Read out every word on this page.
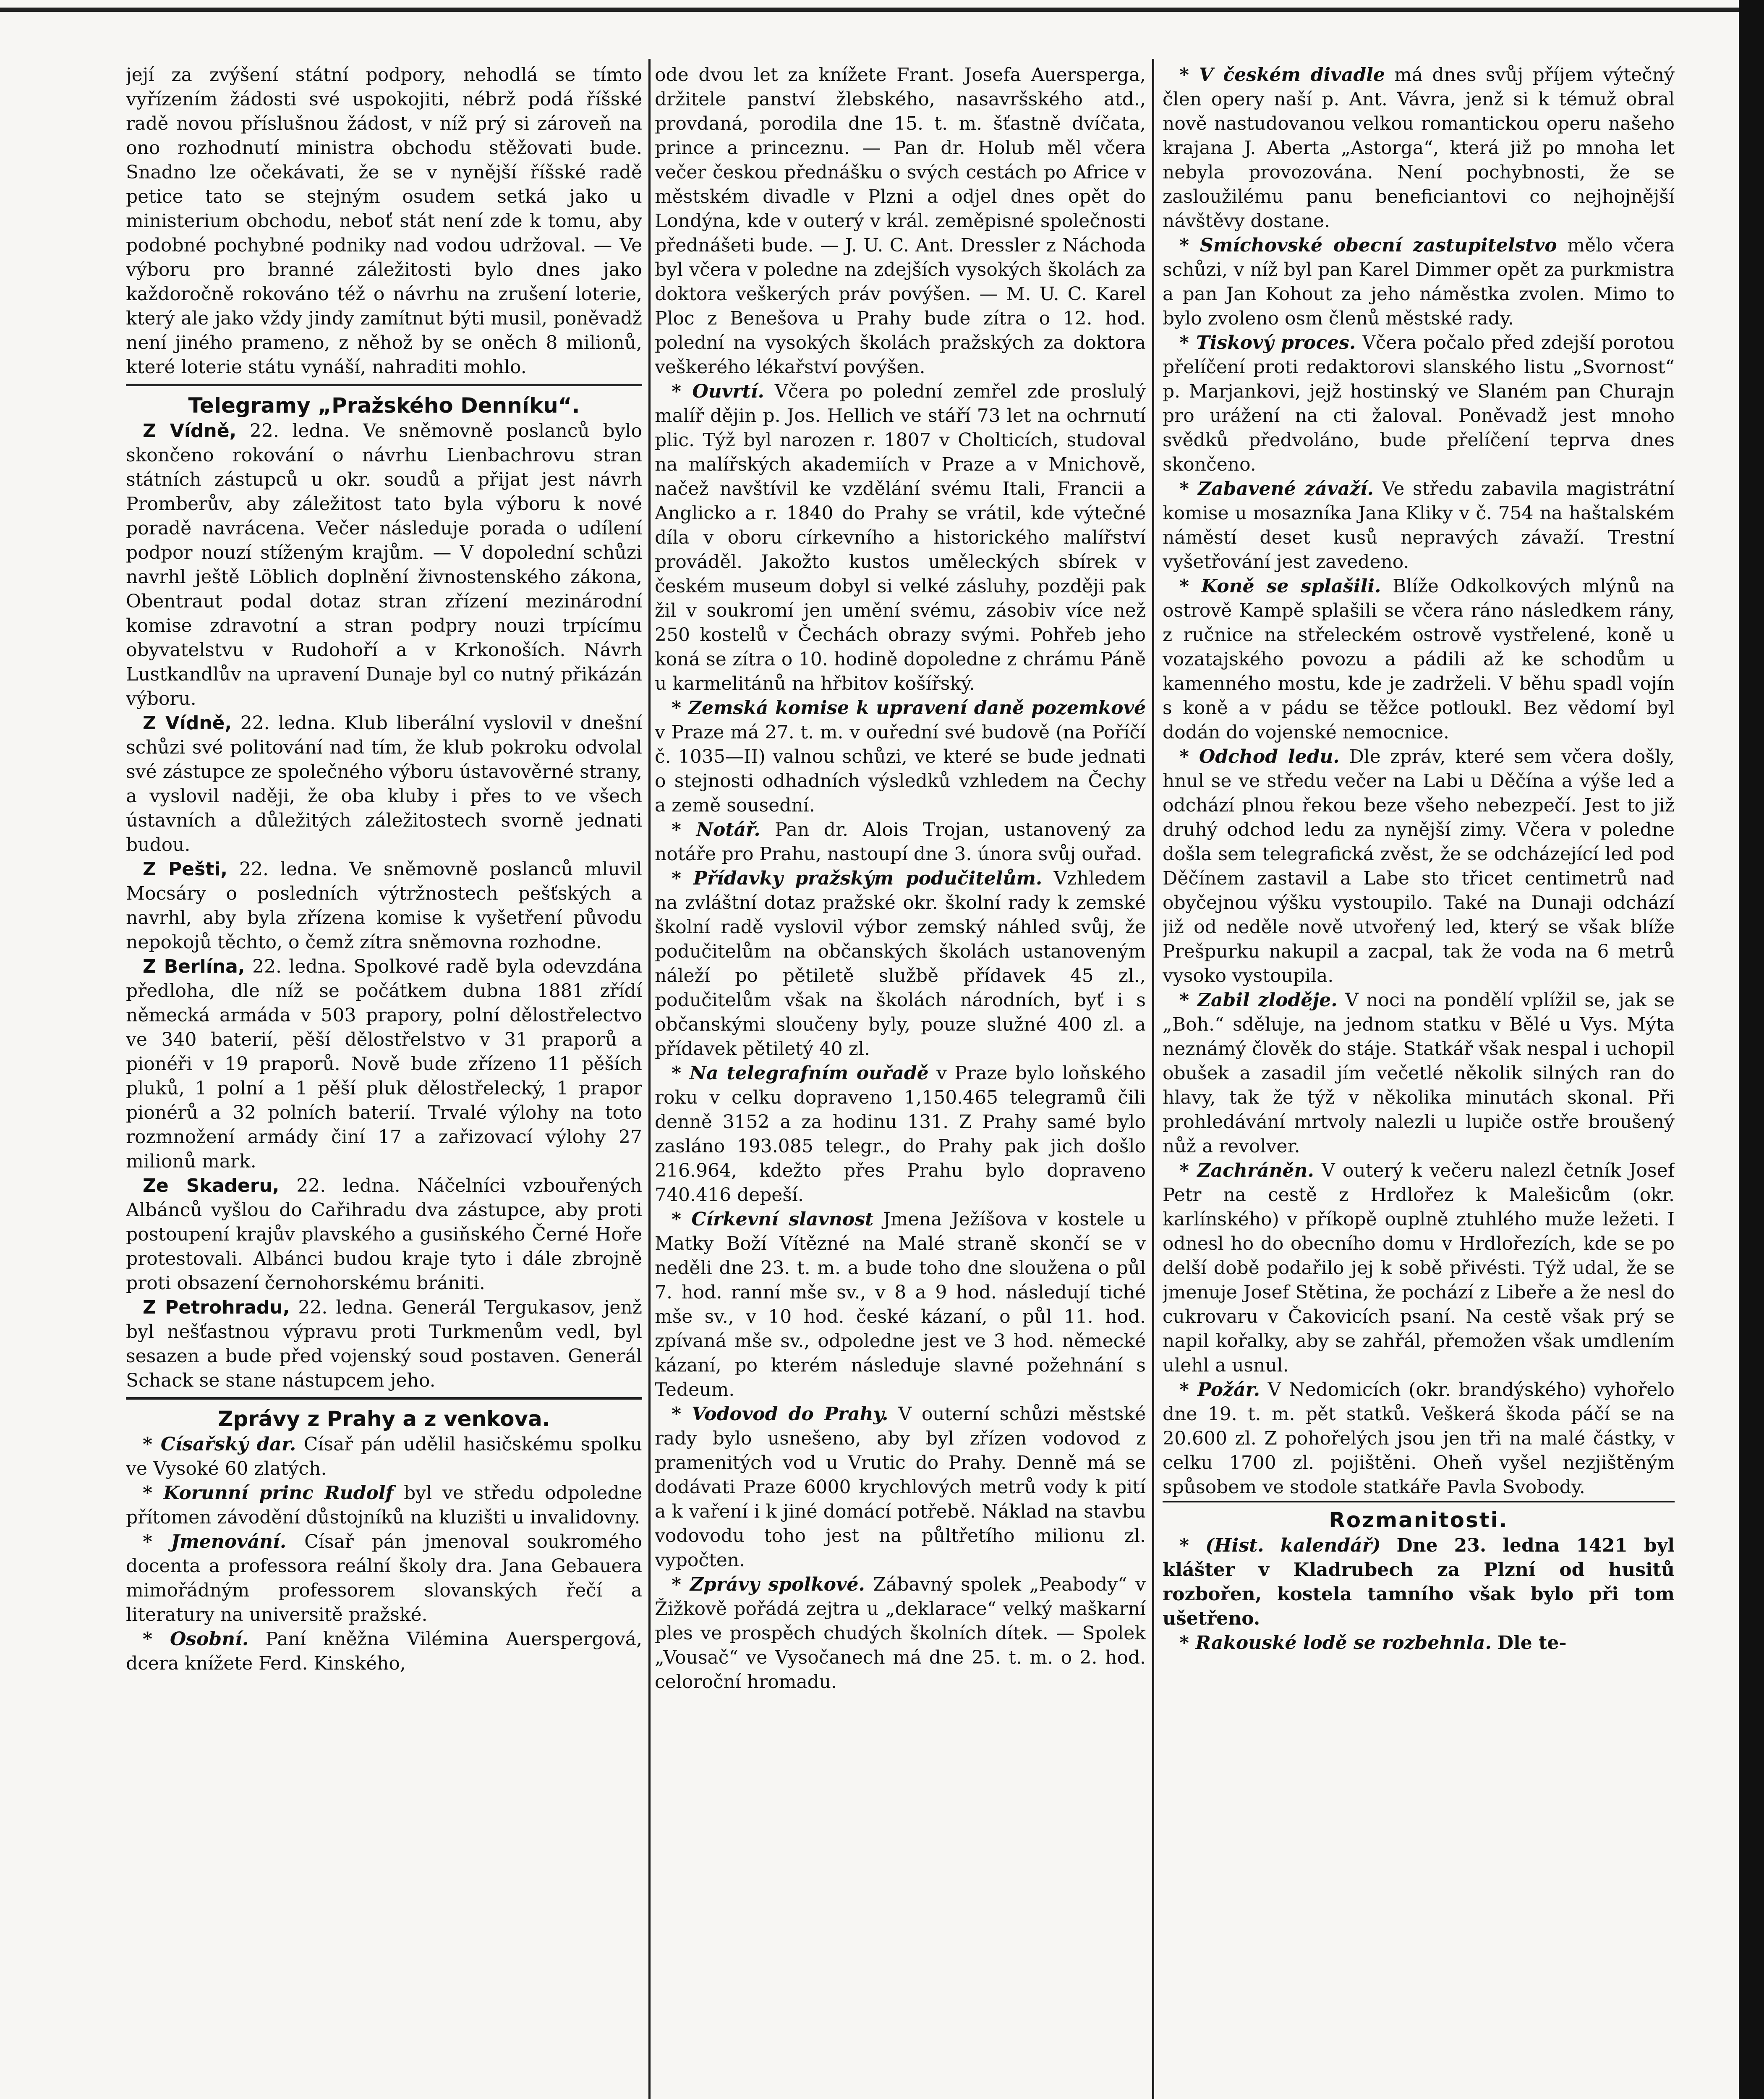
její za zvýšení státní podpory, nehodlá se tímto vyřízením žádosti své uspokojiti, nébrž podá říšské radě novou příslušnou žádost, v níž prý si zároveň na ono rozhodnutí ministra obchodu stěžovati bude. Snadno lze očekávati, že se v nynější říšské radě petice tato se stejným osudem setká jako u ministerium obchodu, neboť stát není zde k tomu, aby podobné pochybné podniky nad vodou udržoval. — Ve výboru pro branné záležitosti bylo dnes jako každoročně rokováno též o návrhu na zrušení loterie, který ale jako vždy jindy zamítnut býti musil, poněvadž není jiného prameno, z něhož by se oněch 8 milionů, které loterie státu vynáší, nahraditi mohlo.

Telegramy „Pražského Denníku“.

Z Vídně, 22. ledna. Ve sněmovně poslanců bylo skončeno rokování o návrhu Lienbachrovu stran státních zástupců u okr. soudů a přijat jest návrh Promberův, aby záležitost tato byla výboru k nové poradě navrácena. Večer následuje porada o udílení podpor nouzí stíženým krajům. — V dopolední schůzi navrhl ještě Löblich doplnění živnostenského zákona, Obentraut podal dotaz stran zřízení mezinárodní komise zdravotní a stran podpry nouzi trpícímu obyvatelstvu v Rudohoří a v Krkonoších. Návrh Lustkandlův na upravení Dunaje byl co nutný přikázán výboru.

Z Vídně, 22. ledna. Klub liberální vyslovil v dnešní schůzi své politování nad tím, že klub pokroku odvolal své zástupce ze společného výboru ústavověrné strany, a vyslovil naději, že oba kluby i přes to ve všech ústavních a důležitých záležitostech svorně jednati budou.

Z Pešti, 22. ledna. Ve sněmovně poslanců mluvil Mocsáry o posledních výtržnostech pešťských a navrhl, aby byla zřízena komise k vyšetření původu nepokojů těchto, o čemž zítra sněmovna rozhodne.

Z Berlína, 22. ledna. Spolkové radě byla odevzdána předloha, dle níž se počátkem dubna 1881 zřídí německá armáda v 503 prapory, polní dělostřelectvo ve 340 baterií, pěší dělostřelstvo v 31 praporů a pionéři v 19 praporů. Nově bude zřízeno 11 pěších pluků, 1 polní a 1 pěší pluk dělostřelecký, 1 prapor pionérů a 32 polních baterií. Trvalé výlohy na toto rozmnožení armády činí 17 a zařizovací výlohy 27 milionů mark.

Ze Skaderu, 22. ledna. Náčelníci vzbouřených Albánců vyšlou do Cařihradu dva zástupce, aby proti postoupení krajův plavského a gusiňského Černé Hoře protestovali. Albánci budou kraje tyto i dále zbrojně proti obsazení černohorskému brániti.

Z Petrohradu, 22. ledna. Generál Tergukasov, jenž byl nešťastnou výpravu proti Turkmenům vedl, byl sesazen a bude před vojenský soud postaven. Generál Schack se stane nástupcem jeho.

Zprávy z Prahy a z venkova.

* Císařský dar. Císař pán udělil hasičskému spolku ve Vysoké 60 zlatých.

* Korunní princ Rudolf byl ve středu odpoledne přítomen závodění důstojníků na kluzišti u invalidovny.

* Jmenování. Císař pán jmenoval soukromého docenta a professora reální školy dra. Jana Gebauera mimořádným professorem slovanských řečí a literatury na universitě pražské.

* Osobní. Paní kněžna Vilémina Auerspergová, dcera knížete Ferd. Kinského,

ode dvou let za knížete Frant. Josefa Auersperga, držitele panství žlebského, nasavršského atd., provdaná, porodila dne 15. t. m. šťastně dvíčata, prince a princeznu. — Pan dr. Holub měl včera večer českou přednášku o svých cestách po Africe v městském divadle v Plzni a odjel dnes opět do Londýna, kde v outerý v král. zeměpisné společnosti přednášeti bude. — J. U. C. Ant. Dressler z Náchoda byl včera v poledne na zdejších vysokých školách za doktora veškerých práv povýšen. — M. U. C. Karel Ploc z Benešova u Prahy bude zítra o 12. hod. polední na vysokých školách pražských za doktora veškerého lékařství povýšen.

* Ouvrtí. Včera po polední zemřel zde proslulý malíř dějin p. Jos. Hellich ve stáří 73 let na ochrnutí plic. Týž byl narozen r. 1807 v Cholticích, studoval na malířských akademiích v Praze a v Mnichově, načež navštívil ke vzdělání svému Itali, Francii a Anglicko a r. 1840 do Prahy se vrátil, kde výtečné díla v oboru církevního a historického malířství prováděl. Jakožto kustos uměleckých sbírek v českém museum dobyl si velké zásluhy, později pak žil v soukromí jen umění svému, zásobiv více než 250 kostelů v Čechách obrazy svými. Pohřeb jeho koná se zítra o 10. hodině dopoledne z chrámu Páně u karmelitánů na hřbitov košířský.

* Zemská komise k upravení daně pozemkové v Praze má 27. t. m. v ouřední své budově (na Poříčí č. 1035—II) valnou schůzi, ve které se bude jednati o stejnosti odhadních výsledků vzhledem na Čechy a země sousední.

* Notář. Pan dr. Alois Trojan, ustanovený za notáře pro Prahu, nastoupí dne 3. února svůj ouřad.

* Přídavky pražským podučitelům. Vzhledem na zvláštní dotaz pražské okr. školní rady k zemské školní radě vyslovil výbor zemský náhled svůj, že podučitelům na občanských školách ustanoveným náleží po pětiletě službě přídavek 45 zl., podučitelům však na školách národních, byť i s občanskými sloučeny byly, pouze služné 400 zl. a přídavek pětiletý 40 zl.

* Na telegrafním ouřadě v Praze bylo loňského roku v celku dopraveno 1,150.465 telegramů čili denně 3152 a za hodinu 131. Z Prahy samé bylo zasláno 193.085 telegr., do Prahy pak jich došlo 216.964, kdežto přes Prahu bylo dopraveno 740.416 depeší.

* Církevní slavnost Jmena Ježíšova v kostele u Matky Boží Vítězné na Malé straně skončí se v neděli dne 23. t. m. a bude toho dne sloužena o půl 7. hod. ranní mše sv., v 8 a 9 hod. následují tiché mše sv., v 10 hod. české kázaní, o půl 11. hod. zpívaná mše sv., odpoledne jest ve 3 hod. německé kázaní, po kterém následuje slavné požehnání s Tedeum.

* Vodovod do Prahy. V outerní schůzi městské rady bylo usnešeno, aby byl zřízen vodovod z pramenitých vod u Vrutic do Prahy. Denně má se dodávati Praze 6000 krychlových metrů vody k pití a k vaření i k jiné domácí potřebě. Náklad na stavbu vodovodu toho jest na půltřetího milionu zl. vypočten.

* Zprávy spolkové. Zábavný spolek „Peabody“ v Žižkově pořádá zejtra u „deklarace“ velký maškarní ples ve prospěch chudých školních dítek. — Spolek „Vousač“ ve Vysočanech má dne 25. t. m. o 2. hod. celoroční hromadu.

* V českém divadle má dnes svůj příjem výtečný člen opery naší p. Ant. Vávra, jenž si k témuž obral nově nastudovanou velkou romantickou operu našeho krajana J. Aberta „Astorga“, která již po mnoha let nebyla provozována. Není pochybnosti, že se zasloužilému panu beneficiantovi co nejhojnější návštěvy dostane.

* Smíchovské obecní zastupitelstvo mělo včera schůzi, v níž byl pan Karel Dimmer opět za purkmistra a pan Jan Kohout za jeho náměstka zvolen. Mimo to bylo zvoleno osm členů městské rady.

* Tiskový proces. Včera počalo před zdejší porotou přelíčení proti redaktorovi slanského listu „Svornost“ p. Marjankovi, jejž hostinský ve Slaném pan Churajn pro urážení na cti žaloval. Poněvadž jest mnoho svědků předvoláno, bude přelíčení teprva dnes skončeno.

* Zabavené závaží. Ve středu zabavila magistrátní komise u mosazníka Jana Kliky v č. 754 na haštalském náměstí deset kusů nepravých závaží. Trestní vyšetřování jest zavedeno.

* Koně se splašili. Blíže Odkolkových mlýnů na ostrově Kampě splašili se včera ráno následkem rány, z ručnice na střeleckém ostrově vystřelené, koně u vozatajského povozu a pádili až ke schodům u kamenného mostu, kde je zadrželi. V běhu spadl vojín s koně a v pádu se těžce potloukl. Bez vědomí byl dodán do vojenské nemocnice.

* Odchod ledu. Dle zpráv, které sem včera došly, hnul se ve středu večer na Labi u Děčína a výše led a odchází plnou řekou beze všeho nebezpečí. Jest to již druhý odchod ledu za nynější zimy. Včera v poledne došla sem telegrafická zvěst, že se odcházející led pod Děčínem zastavil a Labe sto třicet centimetrů nad obyčejnou výšku vystoupilo. Také na Dunaji odchází již od neděle nově utvořený led, který se však blíže Prešpurku nakupil a zacpal, tak že voda na 6 metrů vysoko vystoupila.

* Zabil zloděje. V noci na pondělí vplížil se, jak se „Boh.“ sděluje, na jednom statku v Bělé u Vys. Mýta neznámý člověk do stáje. Statkář však nespal i uchopil obušek a zasadil jím večetlé několik silných ran do hlavy, tak že týž v několika minutách skonal. Při prohledávání mrtvoly nalezli u lupiče ostře broušený nůž a revolver.

* Zachráněn. V outerý k večeru nalezl četník Josef Petr na cestě z Hrdlořez k Malešicům (okr. karlínského) v příkopě ouplně ztuhlého muže ležeti. I odnesl ho do obecního domu v Hrdlořezích, kde se po delší době podařilo jej k sobě přivésti. Týž udal, že se jmenuje Josef Stětina, že pochází z Libeře a že nesl do cukrovaru v Čakovicích psaní. Na cestě však prý se napil kořalky, aby se zahřál, přemožen však umdlením ulehl a usnul.

* Požár. V Nedomicích (okr. brandýského) vyhořelo dne 19. t. m. pět statků. Veškerá škoda páčí se na 20.600 zl. Z pohořelých jsou jen tři na malé částky, v celku 1700 zl. pojištěni. Oheň vyšel nezjištěným spůsobem ve stodole statkáře Pavla Svobody.

Rozmanitosti.

* (Hist. kalendář) Dne 23. ledna 1421 byl klášter v Kladrubech za Plzní od husitů rozbořen, kostela tamního však bylo při tom ušetřeno.

* Rakouské lodě se rozbehnla. Dle te-
